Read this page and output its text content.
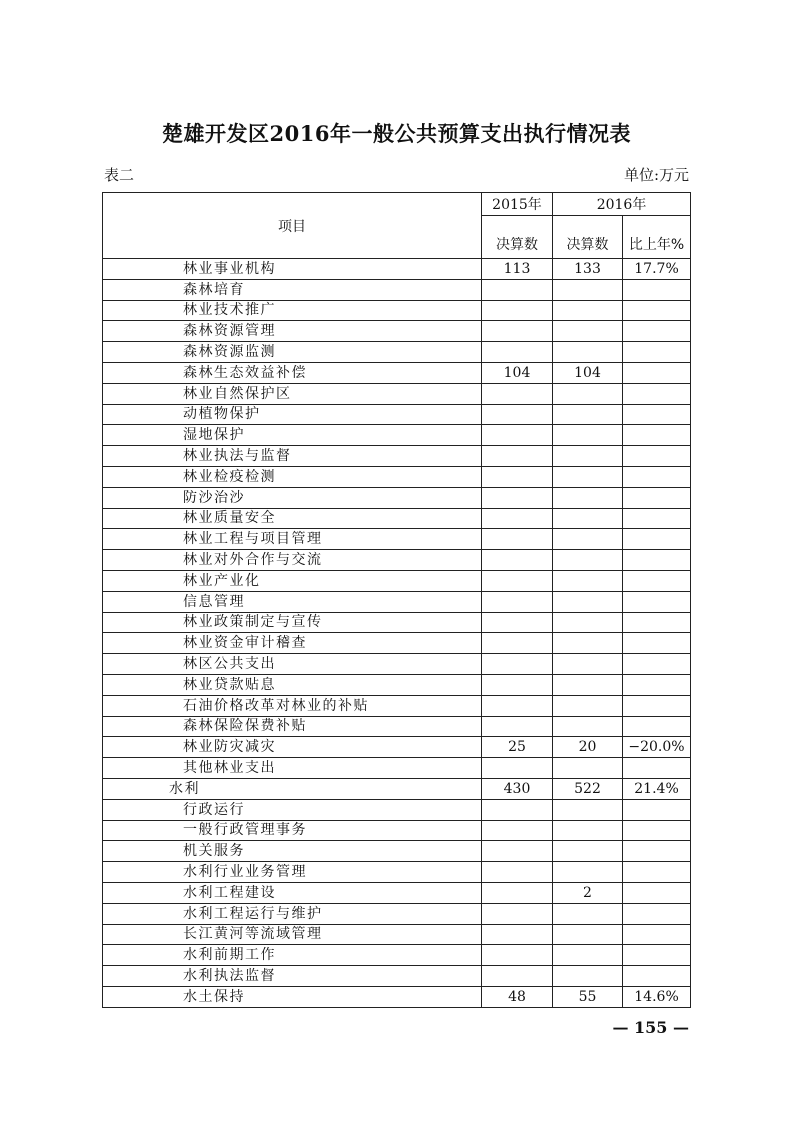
楚雄开发区2016年一般公共预算支出执行情况表
表二	单位:万元
项目	2015年	2016年	
	决算数	决算数	比上年%
林业事业机构	113	133	17.7%
森林培育			
林业技术推广			
森林资源管理			
森林资源监测			
森林生态效益补偿	104	104	
林业自然保护区			
动植物保护			
湿地保护			
林业执法与监督			
林业检疫检测			
防沙治沙			
林业质量安全			
林业工程与项目管理			
林业对外合作与交流			
林业产业化			
信息管理			
林业政策制定与宣传			
林业资金审计稽查			
林区公共支出			
林业贷款贴息			
石油价格改革对林业的补贴			
森林保险保费补贴			
林业防灾减灾	25	20	−20.0%
其他林业支出			
水利	430	522	21.4%
行政运行			
一般行政管理事务			
机关服务			
水利行业业务管理			
水利工程建设		2	
水利工程运行与维护			
长江黄河等流域管理			
水利前期工作			
水利执法监督			
水土保持	48	55	14.6%
— 155 —
